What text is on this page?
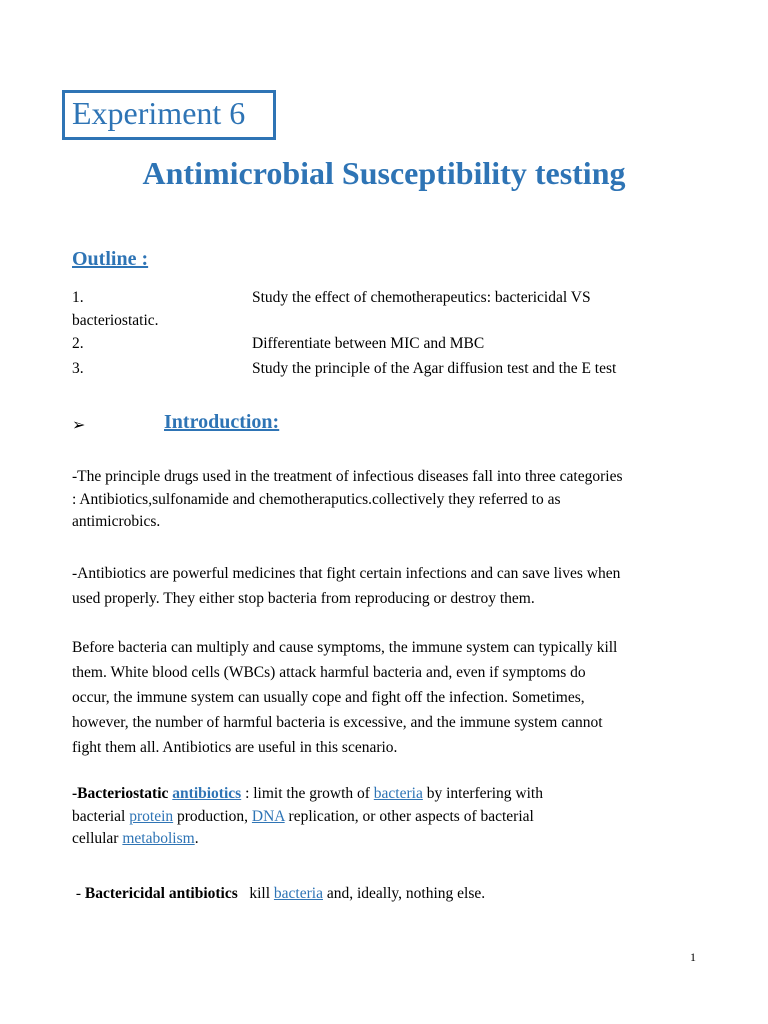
Experiment 6
Antimicrobial Susceptibility testing
Outline :
1.	Study the effect of chemotherapeutics: bactericidal VS
bacteriostatic.
2.	Differentiate between MIC and MBC
3.	Study the principle of the Agar diffusion test and the E test
➢	Introduction:
-The principle drugs used in the treatment of infectious diseases fall into three categories
: Antibiotics,sulfonamide and chemotheraputics.collectively they referred to as
antimicrobics.
-Antibiotics are powerful medicines that fight certain infections and can save lives when
used properly. They either stop bacteria from reproducing or destroy them.
Before bacteria can multiply and cause symptoms, the immune system can typically kill
them. White blood cells (WBCs) attack harmful bacteria and, even if symptoms do
occur, the immune system can usually cope and fight off the infection. Sometimes,
however, the number of harmful bacteria is excessive, and the immune system cannot
fight them all. Antibiotics are useful in this scenario.
-Bacteriostatic antibiotics : limit the growth of bacteria by interfering with
bacterial protein production, DNA replication, or other aspects of bacterial
cellular metabolism.
- Bactericidal antibiotics   kill bacteria and, ideally, nothing else.
1
